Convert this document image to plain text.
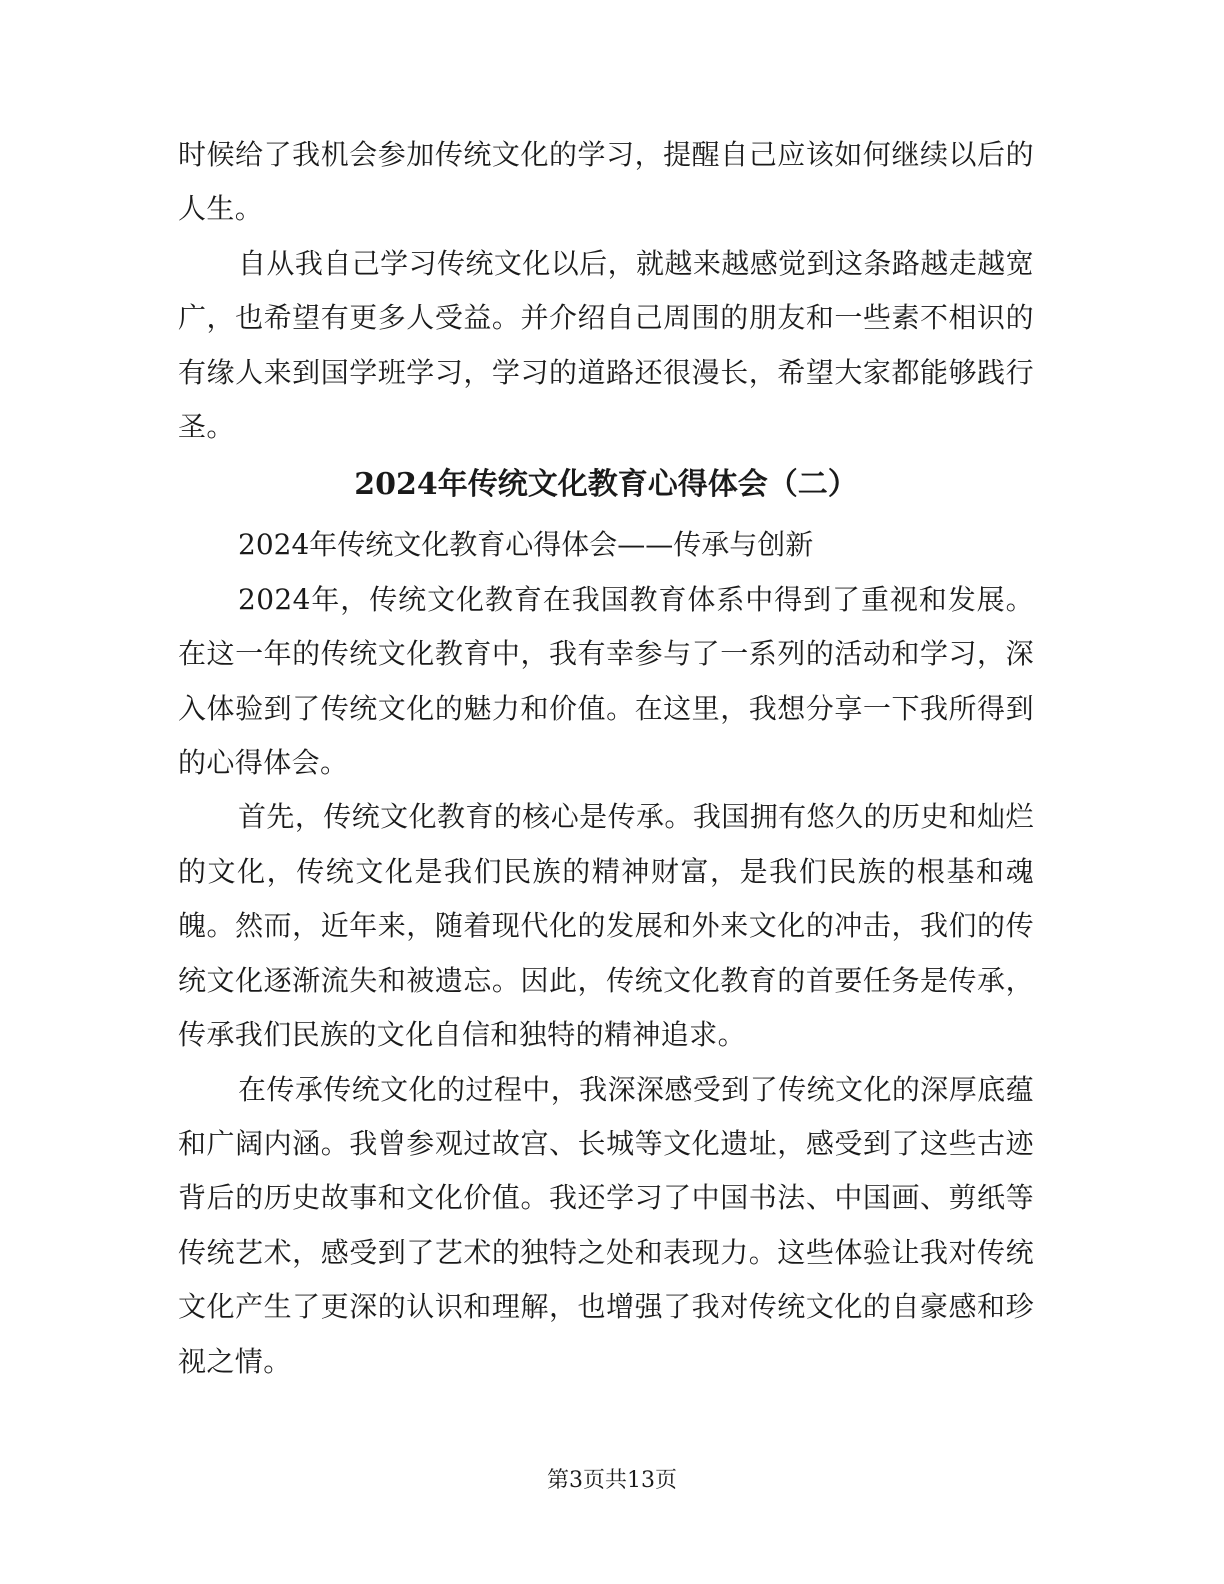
时候给了我机会参加传统文化的学习，提醒自己应该如何继续以后的人生。

自从我自己学习传统文化以后，就越来越感觉到这条路越走越宽广，也希望有更多人受益。并介绍自己周围的朋友和一些素不相识的有缘人来到国学班学习，学习的道路还很漫长，希望大家都能够践行圣。

2024年传统文化教育心得体会（二）

2024年传统文化教育心得体会——传承与创新

2024年，传统文化教育在我国教育体系中得到了重视和发展。在这一年的传统文化教育中，我有幸参与了一系列的活动和学习，深入体验到了传统文化的魅力和价值。在这里，我想分享一下我所得到的心得体会。

首先，传统文化教育的核心是传承。我国拥有悠久的历史和灿烂的文化，传统文化是我们民族的精神财富，是我们民族的根基和魂魄。然而，近年来，随着现代化的发展和外来文化的冲击，我们的传统文化逐渐流失和被遗忘。因此，传统文化教育的首要任务是传承，传承我们民族的文化自信和独特的精神追求。

在传承传统文化的过程中，我深深感受到了传统文化的深厚底蕴和广阔内涵。我曾参观过故宫、长城等文化遗址，感受到了这些古迹背后的历史故事和文化价值。我还学习了中国书法、中国画、剪纸等传统艺术，感受到了艺术的独特之处和表现力。这些体验让我对传统文化产生了更深的认识和理解，也增强了我对传统文化的自豪感和珍视之情。

第3页共13页
